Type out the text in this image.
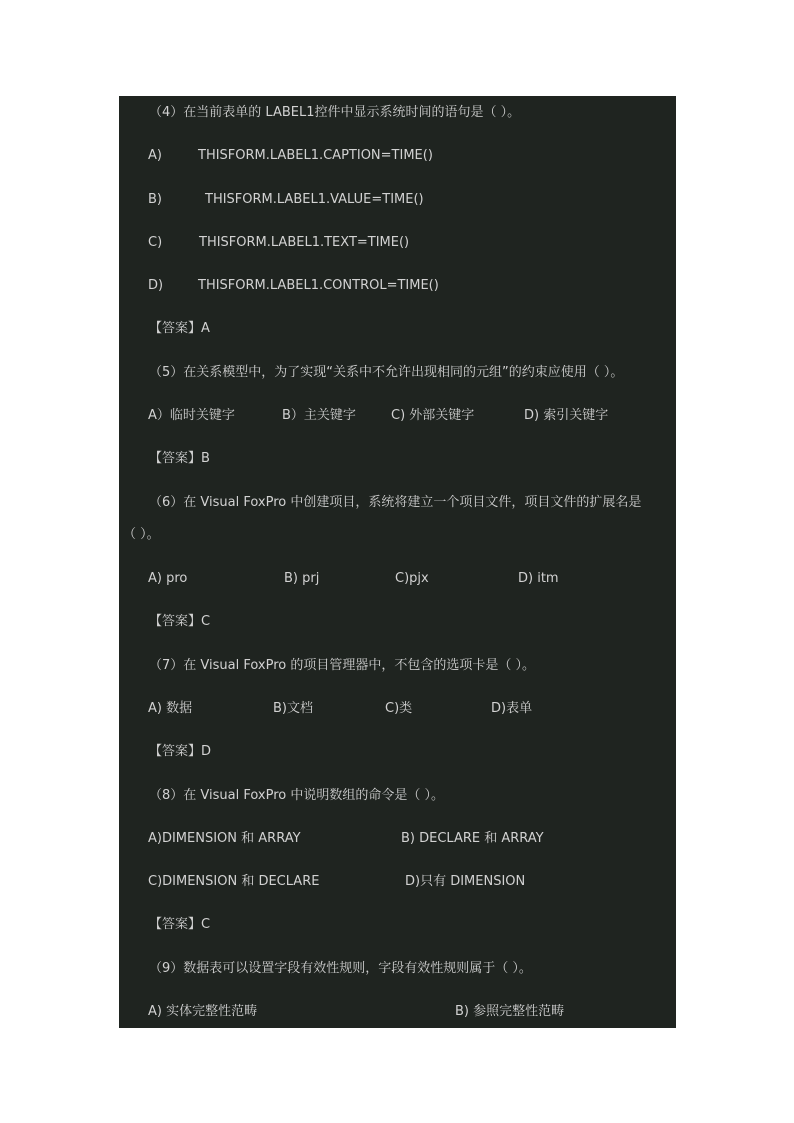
（4）在当前表单的 LABEL1控件中显示系统时间的语句是（ ）。
A)	THISFORM.LABEL1.CAPTION=TIME()
B)	THISFORM.LABEL1.VALUE=TIME()
C)	THISFORM.LABEL1.TEXT=TIME()
D)	THISFORM.LABEL1.CONTROL=TIME()
【答案】A
（5）在关系模型中，为了实现“关系中不允许出现相同的元组”的约束应使用（ ）。
A）临时关键字	B）主关键字	C) 外部关键字	D) 索引关键字
【答案】B
（6）在 Visual FoxPro 中创建项目，系统将建立一个项目文件，项目文件的扩展名是
（ ）。
A) pro	B) prj	C)pjx	D) itm
【答案】C
（7）在 Visual FoxPro 的项目管理器中，不包含的选项卡是（ ）。
A) 数据	B)文档	C)类	D)表单
【答案】D
（8）在 Visual FoxPro 中说明数组的命令是（ ）。
A)DIMENSION 和 ARRAY	B) DECLARE 和 ARRAY
C)DIMENSION 和 DECLARE	D)只有 DIMENSION
【答案】C
（9）数据表可以设置字段有效性规则，字段有效性规则属于（ ）。
A) 实体完整性范畴	B) 参照完整性范畴
